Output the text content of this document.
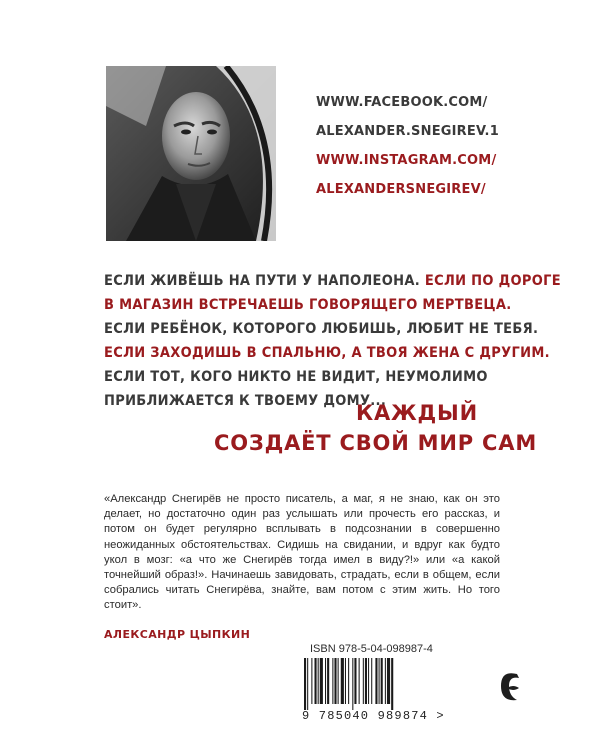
WWW.FACEBOOK.COM/
ALEXANDER.SNEGIREV.1
WWW.INSTAGRAM.COM/
ALEXANDERSNEGIREV/
ЕСЛИ ЖИВЁШЬ НА ПУТИ У НАПОЛЕОНА. ЕСЛИ ПО ДОРОГЕ
В МАГАЗИН ВСТРЕЧАЕШЬ ГОВОРЯЩЕГО МЕРТВЕЦА.
ЕСЛИ РЕБЁНОК, КОТОРОГО ЛЮБИШЬ, ЛЮБИТ НЕ ТЕБЯ.
ЕСЛИ ЗАХОДИШЬ В СПАЛЬНЮ, А ТВОЯ ЖЕНА С ДРУГИМ.
ЕСЛИ ТОТ, КОГО НИКТО НЕ ВИДИТ, НЕУМОЛИМО
ПРИБЛИЖАЕТСЯ К ТВОЕМУ ДОМУ...
КАЖДЫЙ
СОЗДАЁТ СВОЙ МИР САМ

«Александр Снегирёв не просто писатель, а маг, я не знаю, как он это делает, но достаточно один раз услышать или прочесть его рассказ, и потом он будет регулярно всплывать в подсознании в совершенно неожиданных обстоятельствах. Сидишь на свидании, и вдруг как будто укол в мозг: «а что же Снегирёв тогда имел в виду?!» или «а какой точнейший образ!». Начинаешь завидовать, страдать, если в общем, если собрались читать Снегирёва, знайте, вам потом с этим жить. Но того стоит».

АЛЕКСАНДР ЦЫПКИН
ISBN 978-5-04-098987-4
9 785040 989874 >
